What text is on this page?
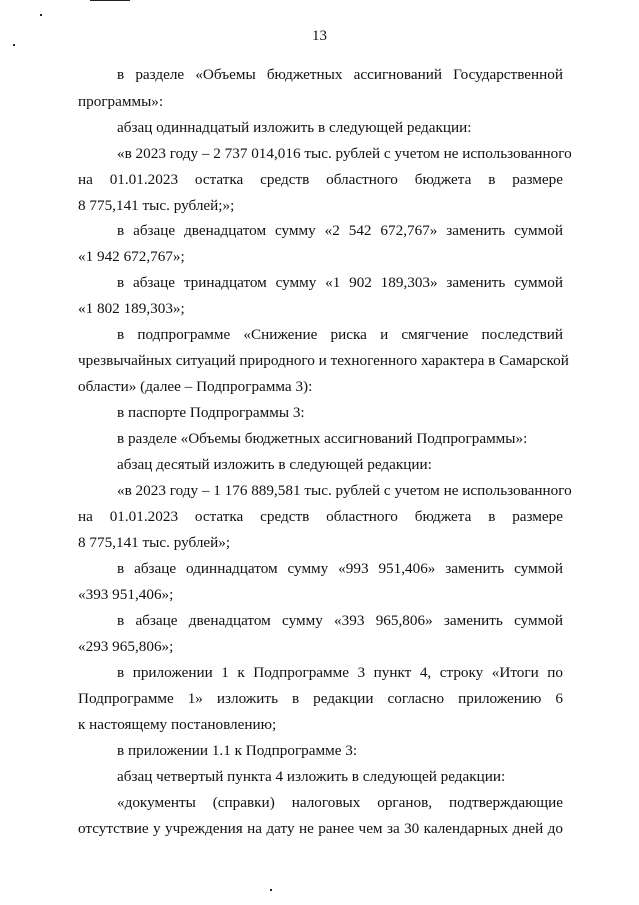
13
в разделе «Объемы бюджетных ассигнований Государственной
программы»:
абзац одиннадцатый изложить в следующей редакции:
«в 2023 году – 2 737 014,016 тыс. рублей с учетом не использованного
на 01.01.2023 остатка средств областного бюджета в размере
8 775,141 тыс. рублей;»;
в абзаце двенадцатом сумму «2 542 672,767» заменить суммой
«1 942 672,767»;
в абзаце тринадцатом сумму «1 902 189,303» заменить суммой
«1 802 189,303»;
в подпрограмме «Снижение риска и смягчение последствий
чрезвычайных ситуаций природного и техногенного характера в Самарской
области» (далее – Подпрограмма 3):
в паспорте Подпрограммы 3:
в разделе «Объемы бюджетных ассигнований Подпрограммы»:
абзац десятый изложить в следующей редакции:
«в 2023 году – 1 176 889,581 тыс. рублей с учетом не использованного
на 01.01.2023 остатка средств областного бюджета в размере
8 775,141 тыс. рублей»;
в абзаце одиннадцатом сумму «993 951,406» заменить суммой
«393 951,406»;
в абзаце двенадцатом сумму «393 965,806» заменить суммой
«293 965,806»;
в приложении 1 к Подпрограмме 3 пункт 4, строку «Итоги по
Подпрограмме 1» изложить в редакции согласно приложению 6
к настоящему постановлению;
в приложении 1.1 к Подпрограмме 3:
абзац четвертый пункта 4 изложить в следующей редакции:
«документы (справки) налоговых органов, подтверждающие
отсутствие у учреждения на дату не ранее чем за 30 календарных дней до
